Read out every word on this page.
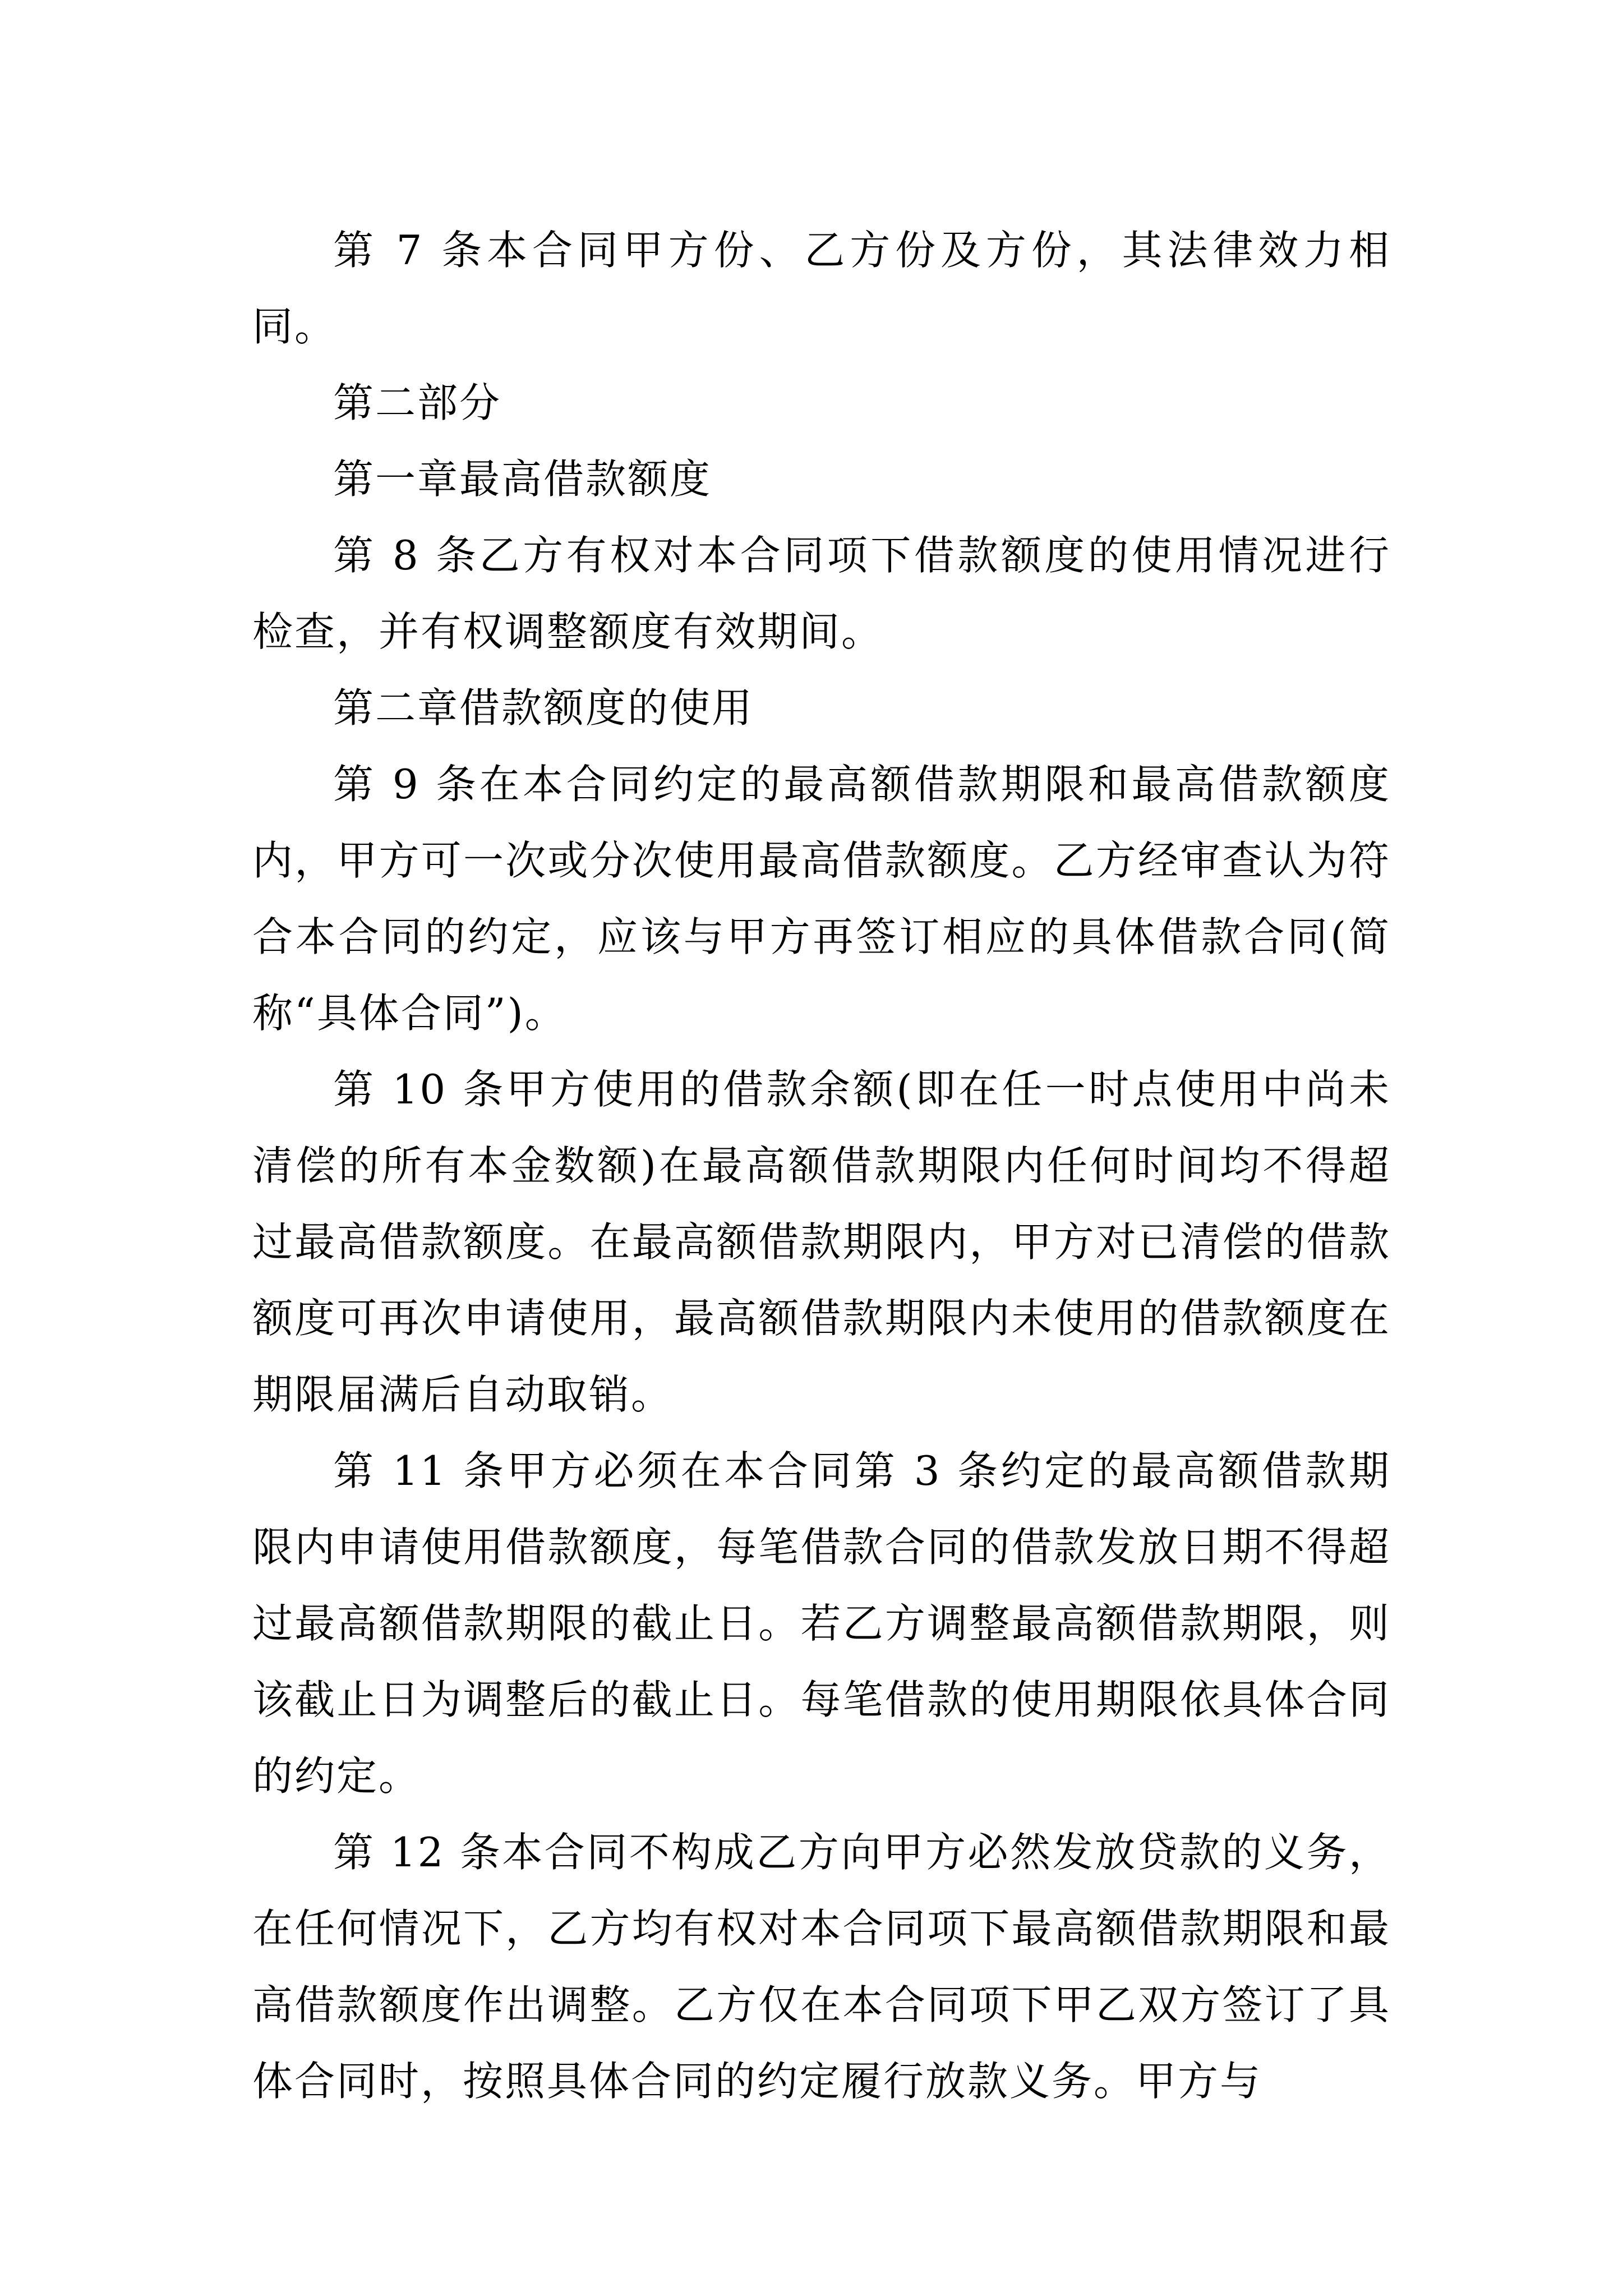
第 7 条本合同甲方份、乙方份及方份，其法律效力相同。

第二部分

第一章最高借款额度

第 8 条乙方有权对本合同项下借款额度的使用情况进行检查，并有权调整额度有效期间。

第二章借款额度的使用

第 9 条在本合同约定的最高额借款期限和最高借款额度内，甲方可一次或分次使用最高借款额度。乙方经审查认为符合本合同的约定，应该与甲方再签订相应的具体借款合同(简称“具体合同”)。

第 10 条甲方使用的借款余额(即在任一时点使用中尚未清偿的所有本金数额)在最高额借款期限内任何时间均不得超过最高借款额度。在最高额借款期限内，甲方对已清偿的借款额度可再次申请使用，最高额借款期限内未使用的借款额度在期限届满后自动取销。

第 11 条甲方必须在本合同第 3 条约定的最高额借款期限内申请使用借款额度，每笔借款合同的借款发放日期不得超过最高额借款期限的截止日。若乙方调整最高额借款期限，则该截止日为调整后的截止日。每笔借款的使用期限依具体合同的约定。

第 12 条本合同不构成乙方向甲方必然发放贷款的义务，在任何情况下，乙方均有权对本合同项下最高额借款期限和最高借款额度作出调整。乙方仅在本合同项下甲乙双方签订了具体合同时，按照具体合同的约定履行放款义务。甲方与
